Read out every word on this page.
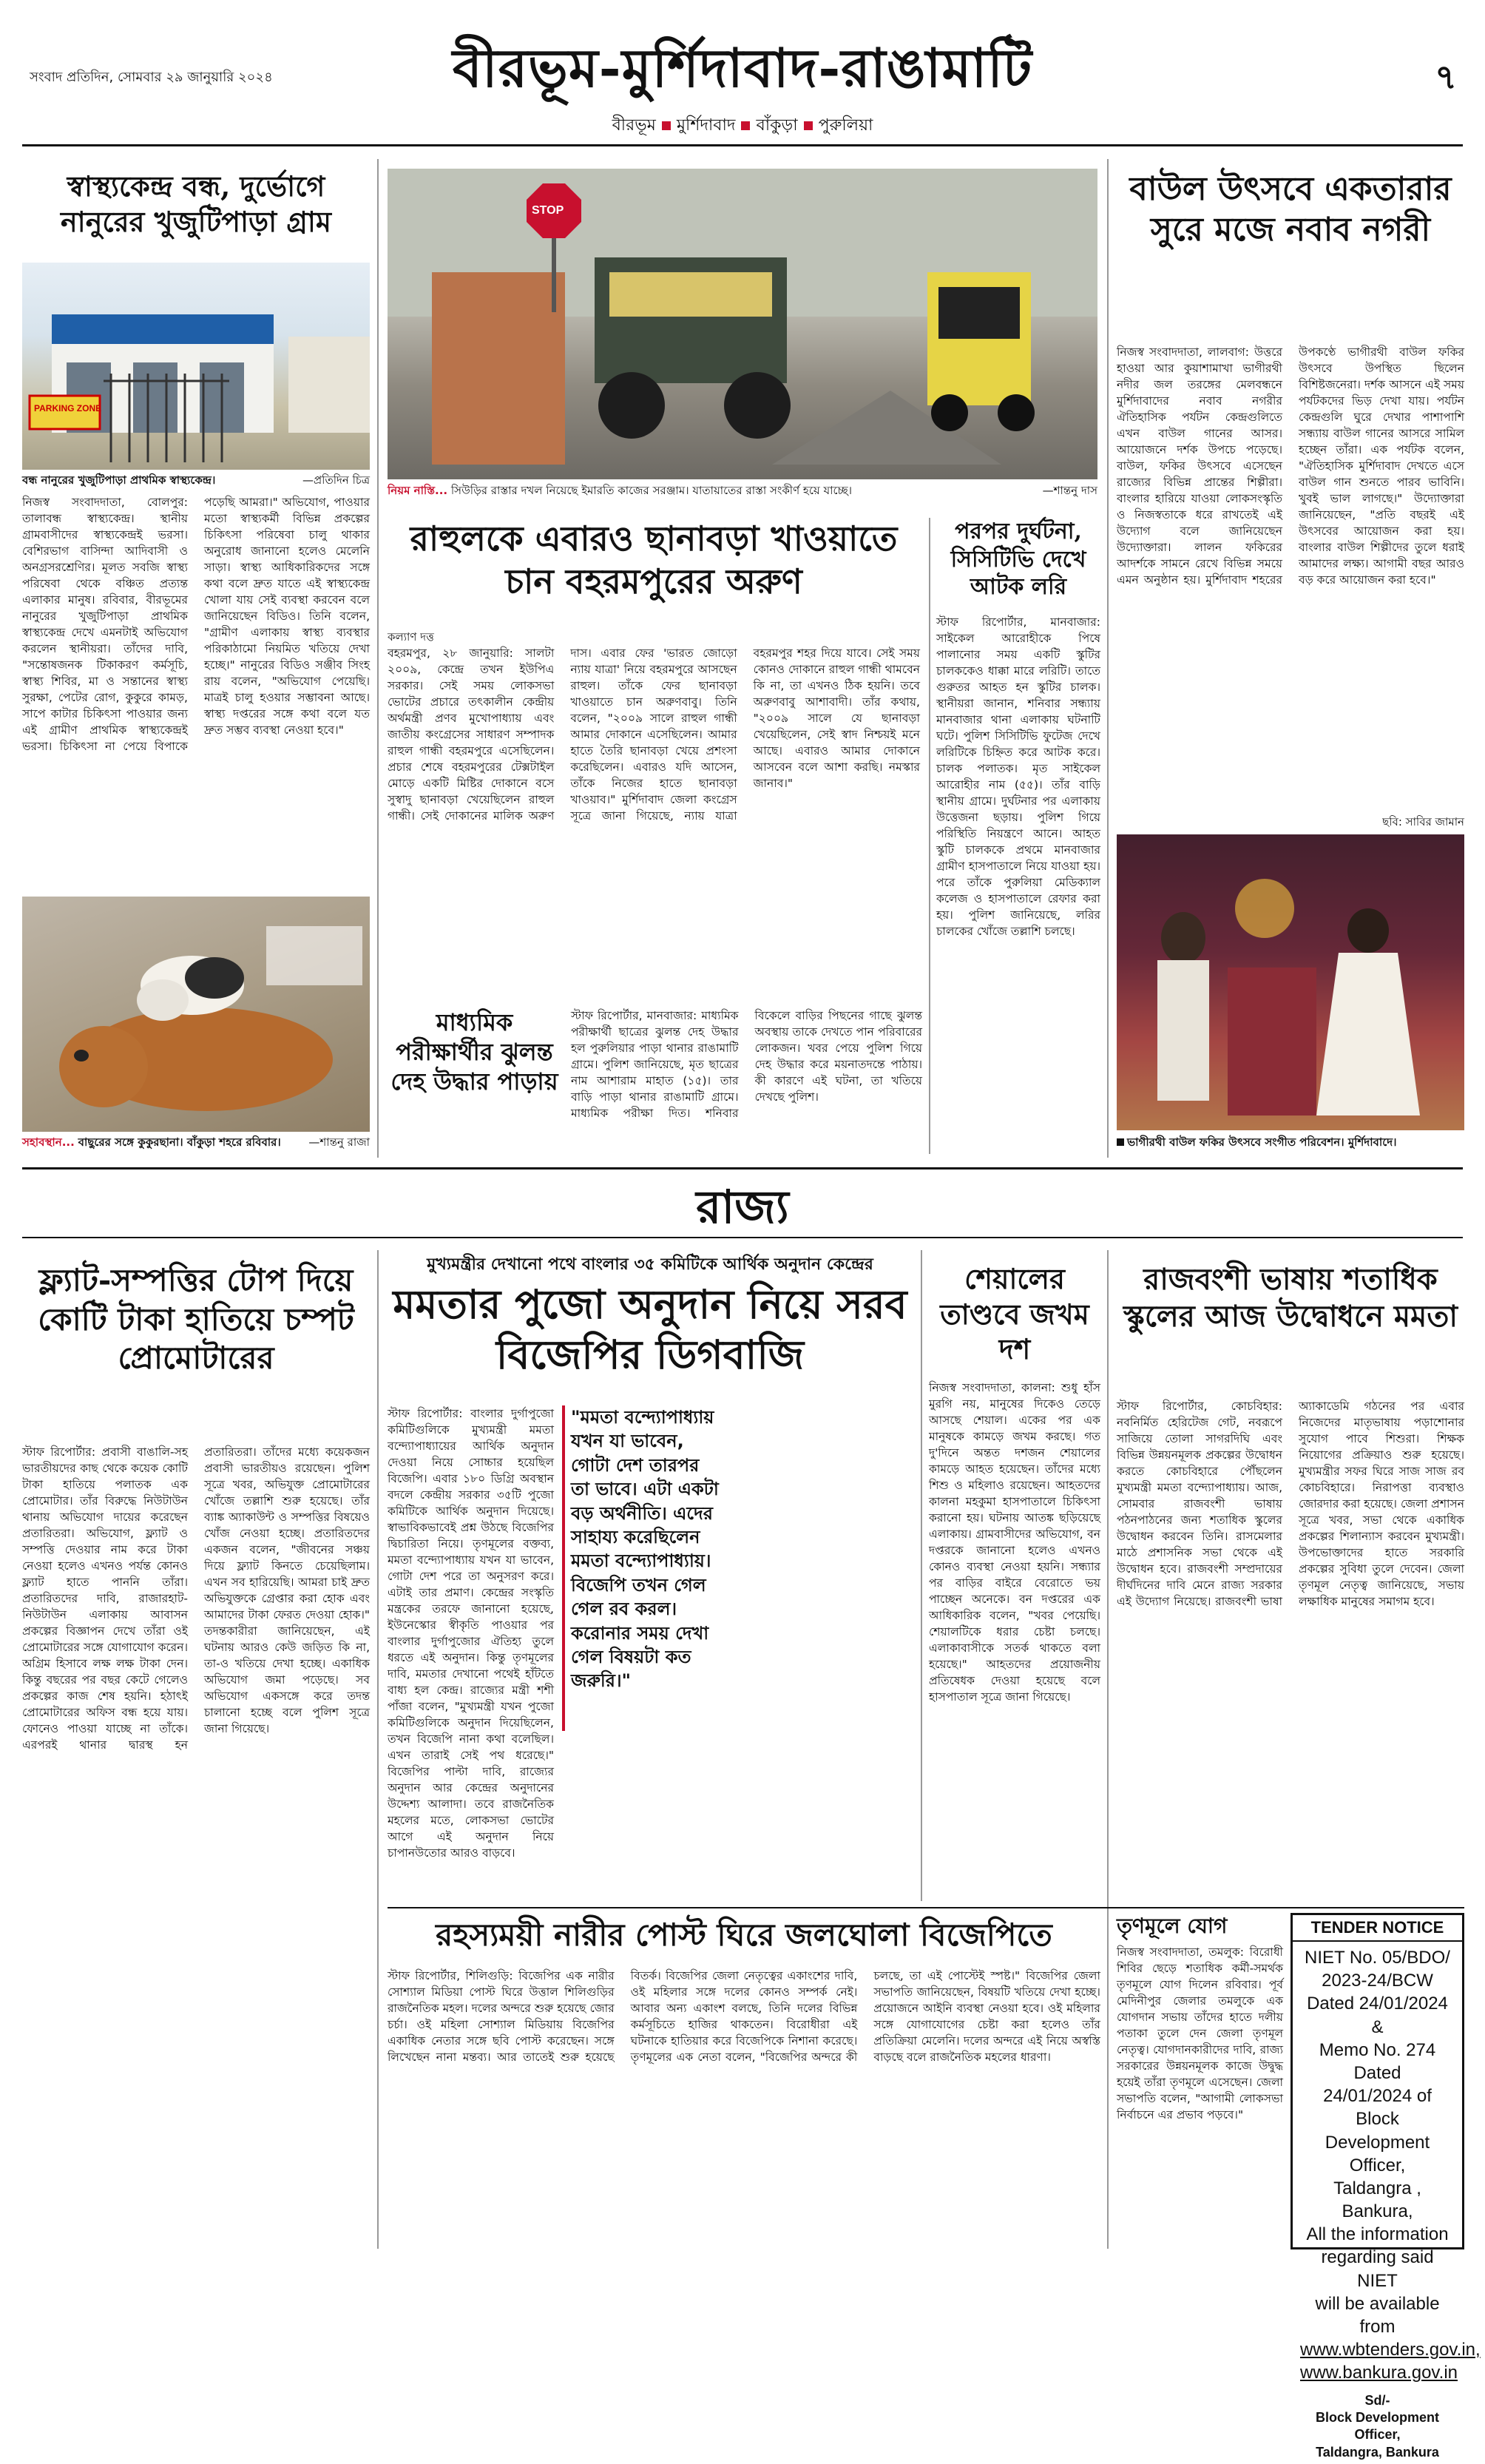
সংবাদ প্রতিদিন, সোমবার ২৯ জানুয়ারি ২০২৪	বীরভূম-মুর্শিদাবাদ-রাঙামাটি	৭
বীরভূম মুর্শিদাবাদ বাঁকুড়া পুরুলিয়া
স্বাস্থ্যকেন্দ্র বন্ধ, দুর্ভোগে নানুরের খুজুটিপাড়া গ্রাম
PARKING ZONE
বন্ধ নানুরের খুজুটিপাড়া প্রাথমিক স্বাস্থ্যকেন্দ্র।	—প্রতিদিন চিত্র
নিজস্ব সংবাদদাতা, বোলপুর: তালাবন্ধ স্বাস্থ্যকেন্দ্র। স্থানীয় গ্রামবাসীদের স্বাস্থ্যকেন্দ্রই ভরসা। বেশিরভাগ বাসিন্দা আদিবাসী ও অনগ্রসরশ্রেণির। মূলত সবজি স্বাস্থ্য পরিষেবা থেকে বঞ্চিত প্রত্যন্ত এলাকার মানুষ। রবিবার, বীরভূমের নানুরের খুজুটিপাড়া প্রাথমিক স্বাস্থ্যকেন্দ্র দেখে এমনটাই অভিযোগ করলেন স্থানীয়রা। তাঁদের দাবি, "সন্তোষজনক টিকাকরণ কর্মসূচি, স্বাস্থ্য শিবির, মা ও সন্তানের স্বাস্থ্য সুরক্ষা, পেটের রোগ, কুকুরে কামড়, সাপে কাটার চিকিৎসা পাওয়ার জন্য এই গ্রামীণ প্রাথমিক স্বাস্থ্যকেন্দ্রই ভরসা। চিকিৎসা না পেয়ে বিপাকে পড়েছি আমরা।" অভিযোগ, পাওয়ার মতো স্বাস্থ্যকর্মী বিভিন্ন প্রকল্পের চিকিৎসা পরিষেবা চালু থাকার অনুরোধ জানানো হলেও মেলেনি সাড়া। স্বাস্থ্য আধিকারিকদের সঙ্গে কথা বলে দ্রুত যাতে এই স্বাস্থ্যকেন্দ্র খোলা যায় সেই ব্যবস্থা করবেন বলে জানিয়েছেন বিডিও। তিনি বলেন, "গ্রামীণ এলাকায় স্বাস্থ্য ব্যবস্থার পরিকাঠামো নিয়মিত খতিয়ে দেখা হচ্ছে।" নানুরের বিডিও সঞ্জীব সিংহ রায় বলেন, "অভিযোগ পেয়েছি। মাত্রই চালু হওয়ার সম্ভাবনা আছে। স্বাস্থ্য দপ্তরের সঙ্গে কথা বলে যত দ্রুত সম্ভব ব্যবস্থা নেওয়া হবে।"
সহাবস্থান... বাছুরের সঙ্গে কুকুরছানা। বাঁকুড়া শহরে রবিবার।	—শান্তনু রাজা
STOP
নিয়ম নাস্তি... সিউড়ির রাস্তার দখল নিয়েছে ইমারতি কাজের সরঞ্জাম। যাতায়াতের রাস্তা সংকীর্ণ হয়ে যাচ্ছে।	—শান্তনু দাস
রাহুলকে এবারও ছানাবড়া খাওয়াতে চান বহরমপুরের অরুণ
কল্যাণ দত্ত
বহরমপুর, ২৮ জানুয়ারি: সালটা ২০০৯, কেন্দ্রে তখন ইউপিএ সরকার। সেই সময় লোকসভা ভোটের প্রচারে তৎকালীন কেন্দ্রীয় অর্থমন্ত্রী প্রণব মুখোপাধ্যায় এবং জাতীয় কংগ্রেসের সাধারণ সম্পাদক রাহুল গান্ধী বহরমপুরে এসেছিলেন। প্রচার শেষে বহরমপুরের টেক্সটাইল মোড়ে একটি মিষ্টির দোকানে বসে সুস্বাদু ছানাবড়া খেয়েছিলেন রাহুল গান্ধী। সেই দোকানের মালিক অরুণ দাস। এবার ফের 'ভারত জোড়ো ন্যায় যাত্রা' নিয়ে বহরমপুরে আসছেন রাহুল। তাঁকে ফের ছানাবড়া খাওয়াতে চান অরুণবাবু। তিনি বলেন, "২০০৯ সালে রাহুল গান্ধী আমার দোকানে এসেছিলেন। আমার হাতে তৈরি ছানাবড়া খেয়ে প্রশংসা করেছিলেন। এবারও যদি আসেন, তাঁকে নিজের হাতে ছানাবড়া খাওয়াব।" মুর্শিদাবাদ জেলা কংগ্রেস সূত্রে জানা গিয়েছে, ন্যায় যাত্রা বহরমপুর শহর দিয়ে যাবে। সেই সময় কোনও দোকানে রাহুল গান্ধী থামবেন কি না, তা এখনও ঠিক হয়নি। তবে অরুণবাবু আশাবাদী। তাঁর কথায়, "২০০৯ সালে যে ছানাবড়া খেয়েছিলেন, সেই স্বাদ নিশ্চয়ই মনে আছে। এবারও আমার দোকানে আসবেন বলে আশা করছি। নমস্কার জানাব।"
পরপর দুর্ঘটনা, সিসিটিভি দেখে আটক লরি
স্টাফ রিপোর্টার, মানবাজার: সাইকেল আরোহীকে পিষে পালানোর সময় একটি স্কুটির চালককেও ধাক্কা মারে লরিটি। তাতে গুরুতর আহত হন স্কুটির চালক। স্থানীয়রা জানান, শনিবার সন্ধ্যায় মানবাজার থানা এলাকায় ঘটনাটি ঘটে। পুলিশ সিসিটিভি ফুটেজ দেখে লরিটিকে চিহ্নিত করে আটক করে। চালক পলাতক। মৃত সাইকেল আরোহীর নাম (৫৫)। তাঁর বাড়ি স্থানীয় গ্রামে। দুর্ঘটনার পর এলাকায় উত্তেজনা ছড়ায়। পুলিশ গিয়ে পরিস্থিতি নিয়ন্ত্রণে আনে। আহত স্কুটি চালককে প্রথমে মানবাজার গ্রামীণ হাসপাতালে নিয়ে যাওয়া হয়। পরে তাঁকে পুরুলিয়া মেডিক্যাল কলেজ ও হাসপাতালে রেফার করা হয়। পুলিশ জানিয়েছে, লরির চালকের খোঁজে তল্লাশি চলছে।
মাধ্যমিক পরীক্ষার্থীর ঝুলন্ত দেহ উদ্ধার পাড়ায়
স্টাফ রিপোর্টার, মানবাজার: মাধ্যমিক পরীক্ষার্থী ছাত্রের ঝুলন্ত দেহ উদ্ধার হল পুরুলিয়ার পাড়া থানার রাঙামাটি গ্রামে। পুলিশ জানিয়েছে, মৃত ছাত্রের নাম আশারাম মাহাত (১৫)। তার বাড়ি পাড়া থানার রাঙামাটি গ্রামে। মাধ্যমিক পরীক্ষা দিত। শনিবার বিকেলে বাড়ির পিছনের গাছে ঝুলন্ত অবস্থায় তাকে দেখতে পান পরিবারের লোকজন। খবর পেয়ে পুলিশ গিয়ে দেহ উদ্ধার করে ময়নাতদন্তে পাঠায়। কী কারণে এই ঘটনা, তা খতিয়ে দেখছে পুলিশ।
বাউল উৎসবে একতারার সুরে মজে নবাব নগরী
নিজস্ব সংবাদদাতা, লালবাগ: উত্তরে হাওয়া আর কুয়াশামাখা ভাগীরথী নদীর জল তরঙ্গের মেলবন্ধনে মুর্শিদাবাদের নবাব নগরীর ঐতিহাসিক পর্যটন কেন্দ্রগুলিতে এখন বাউল গানের আসর। আয়োজনে দর্শক উপচে পড়েছে। বাউল, ফকির উৎসবে এসেছেন রাজ্যের বিভিন্ন প্রান্তের শিল্পীরা। বাংলার হারিয়ে যাওয়া লোকসংস্কৃতি ও নিজস্বতাকে ধরে রাখতেই এই উদ্যোগ বলে জানিয়েছেন উদ্যোক্তারা। লালন ফকিরের আদর্শকে সামনে রেখে বিভিন্ন সময়ে এমন অনুষ্ঠান হয়। মুর্শিদাবাদ শহরের উপকণ্ঠে ভাগীরথী বাউল ফকির উৎসবে উপস্থিত ছিলেন বিশিষ্টজনেরা। দর্শক আসনে এই সময় পর্যটকদের ভিড় দেখা যায়। পর্যটন কেন্দ্রগুলি ঘুরে দেখার পাশাপাশি সন্ধ্যায় বাউল গানের আসরে সামিল হচ্ছেন তাঁরা। এক পর্যটক বলেন, "ঐতিহাসিক মুর্শিদাবাদ দেখতে এসে বাউল গান শুনতে পারব ভাবিনি। খুবই ভাল লাগছে।" উদ্যোক্তারা জানিয়েছেন, "প্রতি বছরই এই উৎসবের আয়োজন করা হয়। বাংলার বাউল শিল্পীদের তুলে ধরাই আমাদের লক্ষ্য। আগামী বছর আরও বড় করে আয়োজন করা হবে।"
ছবি: সাবির জামান
ভাগীরথী বাউল ফকির উৎসবে সংগীত পরিবেশন। মুর্শিদাবাদে।
রাজ্য
ফ্ল্যাট-সম্পত্তির টোপ দিয়ে কোটি টাকা হাতিয়ে চম্পট প্রোমোটারের
স্টাফ রিপোর্টার: প্রবাসী বাঙালি-সহ ভারতীয়দের কাছ থেকে কয়েক কোটি টাকা হাতিয়ে পলাতক এক প্রোমোটার। তাঁর বিরুদ্ধে নিউটাউন থানায় অভিযোগ দায়ের করেছেন প্রতারিতরা। অভিযোগ, ফ্ল্যাট ও সম্পত্তি দেওয়ার নাম করে টাকা নেওয়া হলেও এখনও পর্যন্ত কোনও ফ্ল্যাট হাতে পাননি তাঁরা। প্রতারিতদের দাবি, রাজারহাট-নিউটাউন এলাকায় আবাসন প্রকল্পের বিজ্ঞাপন দেখে তাঁরা ওই প্রোমোটারের সঙ্গে যোগাযোগ করেন। অগ্রিম হিসাবে লক্ষ লক্ষ টাকা দেন। কিন্তু বছরের পর বছর কেটে গেলেও প্রকল্পের কাজ শেষ হয়নি। হঠাৎই প্রোমোটারের অফিস বন্ধ হয়ে যায়। ফোনেও পাওয়া যাচ্ছে না তাঁকে। এরপরই থানার দ্বারস্থ হন প্রতারিতরা। তাঁদের মধ্যে কয়েকজন প্রবাসী ভারতীয়ও রয়েছেন। পুলিশ সূত্রে খবর, অভিযুক্ত প্রোমোটারের খোঁজে তল্লাশি শুরু হয়েছে। তাঁর ব্যাঙ্ক অ্যাকাউন্ট ও সম্পত্তির বিষয়েও খোঁজ নেওয়া হচ্ছে। প্রতারিতদের একজন বলেন, "জীবনের সঞ্চয় দিয়ে ফ্ল্যাট কিনতে চেয়েছিলাম। এখন সব হারিয়েছি। আমরা চাই দ্রুত অভিযুক্তকে গ্রেপ্তার করা হোক এবং আমাদের টাকা ফেরত দেওয়া হোক।" তদন্তকারীরা জানিয়েছেন, এই ঘটনায় আরও কেউ জড়িত কি না, তা-ও খতিয়ে দেখা হচ্ছে। একাধিক অভিযোগ জমা পড়েছে। সব অভিযোগ একসঙ্গে করে তদন্ত চালানো হচ্ছে বলে পুলিশ সূত্রে জানা গিয়েছে।
মুখ্যমন্ত্রীর দেখানো পথে বাংলার ৩৫ কমিটিকে আর্থিক অনুদান কেন্দ্রের
মমতার পুজো অনুদান নিয়ে সরব বিজেপির ডিগবাজি
স্টাফ রিপোর্টার: বাংলার দুর্গাপুজো কমিটিগুলিকে মুখ্যমন্ত্রী মমতা বন্দ্যোপাধ্যায়ের আর্থিক অনুদান দেওয়া নিয়ে সোচ্চার হয়েছিল বিজেপি। এবার ১৮০ ডিগ্রি অবস্থান বদলে কেন্দ্রীয় সরকার ৩৫টি পুজো কমিটিকে আর্থিক অনুদান দিয়েছে। স্বাভাবিকভাবেই প্রশ্ন উঠছে বিজেপির দ্বিচারিতা নিয়ে। তৃণমূলের বক্তব্য, মমতা বন্দ্যোপাধ্যায় যখন যা ভাবেন, গোটা দেশ পরে তা অনুসরণ করে। এটাই তার প্রমাণ। কেন্দ্রের সংস্কৃতি মন্ত্রকের তরফে জানানো হয়েছে, ইউনেস্কোর স্বীকৃতি পাওয়ার পর বাংলার দুর্গাপুজোর ঐতিহ্য তুলে ধরতে এই অনুদান। কিন্তু তৃণমূলের দাবি, মমতার দেখানো পথেই হাঁটতে বাধ্য হল কেন্দ্র। রাজ্যের মন্ত্রী শশী পাঁজা বলেন, "মুখ্যমন্ত্রী যখন পুজো কমিটিগুলিকে অনুদান দিয়েছিলেন, তখন বিজেপি নানা কথা বলেছিল। এখন তারাই সেই পথ ধরেছে।" বিজেপির পাল্টা দাবি, রাজ্যের অনুদান আর কেন্দ্রের অনুদানের উদ্দেশ্য আলাদা। তবে রাজনৈতিক মহলের মতে, লোকসভা ভোটের আগে এই অনুদান নিয়ে চাপানউতোর আরও বাড়বে।
"মমতা বন্দ্যোপাধ্যায় যখন যা ভাবেন, গোটা দেশ তারপর তা ভাবে। এটা একটা বড় অর্থনীতি। এদের সাহায্য করেছিলেন মমতা বন্দ্যোপাধ্যায়। বিজেপি তখন গেল গেল রব করল। করোনার সময় দেখা গেল বিষয়টা কত জরুরি।"
শেয়ালের তাণ্ডবে জখম দশ
নিজস্ব সংবাদদাতা, কালনা: শুধু হাঁস মুরগি নয়, মানুষের দিকেও তেড়ে আসছে শেয়াল। একের পর এক মানুষকে কামড়ে জখম করছে। গত দু'দিনে অন্তত দশজন শেয়ালের কামড়ে আহত হয়েছেন। তাঁদের মধ্যে শিশু ও মহিলাও রয়েছেন। আহতদের কালনা মহকুমা হাসপাতালে চিকিৎসা করানো হয়। ঘটনায় আতঙ্ক ছড়িয়েছে এলাকায়। গ্রামবাসীদের অভিযোগ, বন দপ্তরকে জানানো হলেও এখনও কোনও ব্যবস্থা নেওয়া হয়নি। সন্ধ্যার পর বাড়ির বাইরে বেরোতে ভয় পাচ্ছেন অনেকে। বন দপ্তরের এক আধিকারিক বলেন, "খবর পেয়েছি। শেয়ালটিকে ধরার চেষ্টা চলছে। এলাকাবাসীকে সতর্ক থাকতে বলা হয়েছে।" আহতদের প্রয়োজনীয় প্রতিষেধক দেওয়া হয়েছে বলে হাসপাতাল সূত্রে জানা গিয়েছে।
রাজবংশী ভাষায় শতাধিক স্কুলের আজ উদ্বোধনে মমতা
স্টাফ রিপোর্টার, কোচবিহার: নবনির্মিত হেরিটেজ গেট, নবরূপে সাজিয়ে তোলা সাগরদিঘি এবং বিভিন্ন উন্নয়নমূলক প্রকল্পের উদ্বোধন করতে কোচবিহারে পৌঁছলেন মুখ্যমন্ত্রী মমতা বন্দ্যোপাধ্যায়। আজ, সোমবার রাজবংশী ভাষায় পঠনপাঠনের জন্য শতাধিক স্কুলের উদ্বোধন করবেন তিনি। রাসমেলার মাঠে প্রশাসনিক সভা থেকে এই উদ্বোধন হবে। রাজবংশী সম্প্রদায়ের দীর্ঘদিনের দাবি মেনে রাজ্য সরকার এই উদ্যোগ নিয়েছে। রাজবংশী ভাষা অ্যাকাডেমি গঠনের পর এবার নিজেদের মাতৃভাষায় পড়াশোনার সুযোগ পাবে শিশুরা। শিক্ষক নিয়োগের প্রক্রিয়াও শুরু হয়েছে। মুখ্যমন্ত্রীর সফর ঘিরে সাজ সাজ রব কোচবিহারে। নিরাপত্তা ব্যবস্থাও জোরদার করা হয়েছে। জেলা প্রশাসন সূত্রে খবর, সভা থেকে একাধিক প্রকল্পের শিলান্যাস করবেন মুখ্যমন্ত্রী। উপভোক্তাদের হাতে সরকারি প্রকল্পের সুবিধা তুলে দেবেন। জেলা তৃণমূল নেতৃত্ব জানিয়েছে, সভায় লক্ষাধিক মানুষের সমাগম হবে।
রহস্যময়ী নারীর পোস্ট ঘিরে জলঘোলা বিজেপিতে
স্টাফ রিপোর্টার, শিলিগুড়ি: বিজেপির এক নারীর সোশ্যাল মিডিয়া পোস্ট ঘিরে উত্তাল শিলিগুড়ির রাজনৈতিক মহল। দলের অন্দরে শুরু হয়েছে জোর চর্চা। ওই মহিলা সোশ্যাল মিডিয়ায় বিজেপির একাধিক নেতার সঙ্গে ছবি পোস্ট করেছেন। সঙ্গে লিখেছেন নানা মন্তব্য। আর তাতেই শুরু হয়েছে বিতর্ক। বিজেপির জেলা নেতৃত্বের একাংশের দাবি, ওই মহিলার সঙ্গে দলের কোনও সম্পর্ক নেই। আবার অন্য একাংশ বলছে, তিনি দলের বিভিন্ন কর্মসূচিতে হাজির থাকতেন। বিরোধীরা এই ঘটনাকে হাতিয়ার করে বিজেপিকে নিশানা করেছে। তৃণমূলের এক নেতা বলেন, "বিজেপির অন্দরে কী চলছে, তা এই পোস্টেই স্পষ্ট।" বিজেপির জেলা সভাপতি জানিয়েছেন, বিষয়টি খতিয়ে দেখা হচ্ছে। প্রয়োজনে আইনি ব্যবস্থা নেওয়া হবে। ওই মহিলার সঙ্গে যোগাযোগের চেষ্টা করা হলেও তাঁর প্রতিক্রিয়া মেলেনি। দলের অন্দরে এই নিয়ে অস্বস্তি বাড়ছে বলে রাজনৈতিক মহলের ধারণা।
তৃণমূলে যোগ
নিজস্ব সংবাদদাতা, তমলুক: বিরোধী শিবির ছেড়ে শতাধিক কর্মী-সমর্থক তৃণমূলে যোগ দিলেন রবিবার। পূর্ব মেদিনীপুর জেলার তমলুকে এক যোগদান সভায় তাঁদের হাতে দলীয় পতাকা তুলে দেন জেলা তৃণমূল নেতৃত্ব। যোগদানকারীদের দাবি, রাজ্য সরকারের উন্নয়নমূলক কাজে উদ্বুদ্ধ হয়েই তাঁরা তৃণমূলে এসেছেন। জেলা সভাপতি বলেন, "আগামী লোকসভা নির্বাচনে এর প্রভাব পড়বে।"
TENDER NOTICE
NIET No. 05/BDO/
2023-24/BCW
Dated 24/01/2024 &
Memo No. 274 Dated
24/01/2024 of Block
Development Officer,
Taldangra , Bankura,
All the information
regarding said NIET
will be available from
www.wbtenders.gov.in,
www.bankura.gov.in
Sd/-
Block Development Officer,
Taldangra, Bankura
